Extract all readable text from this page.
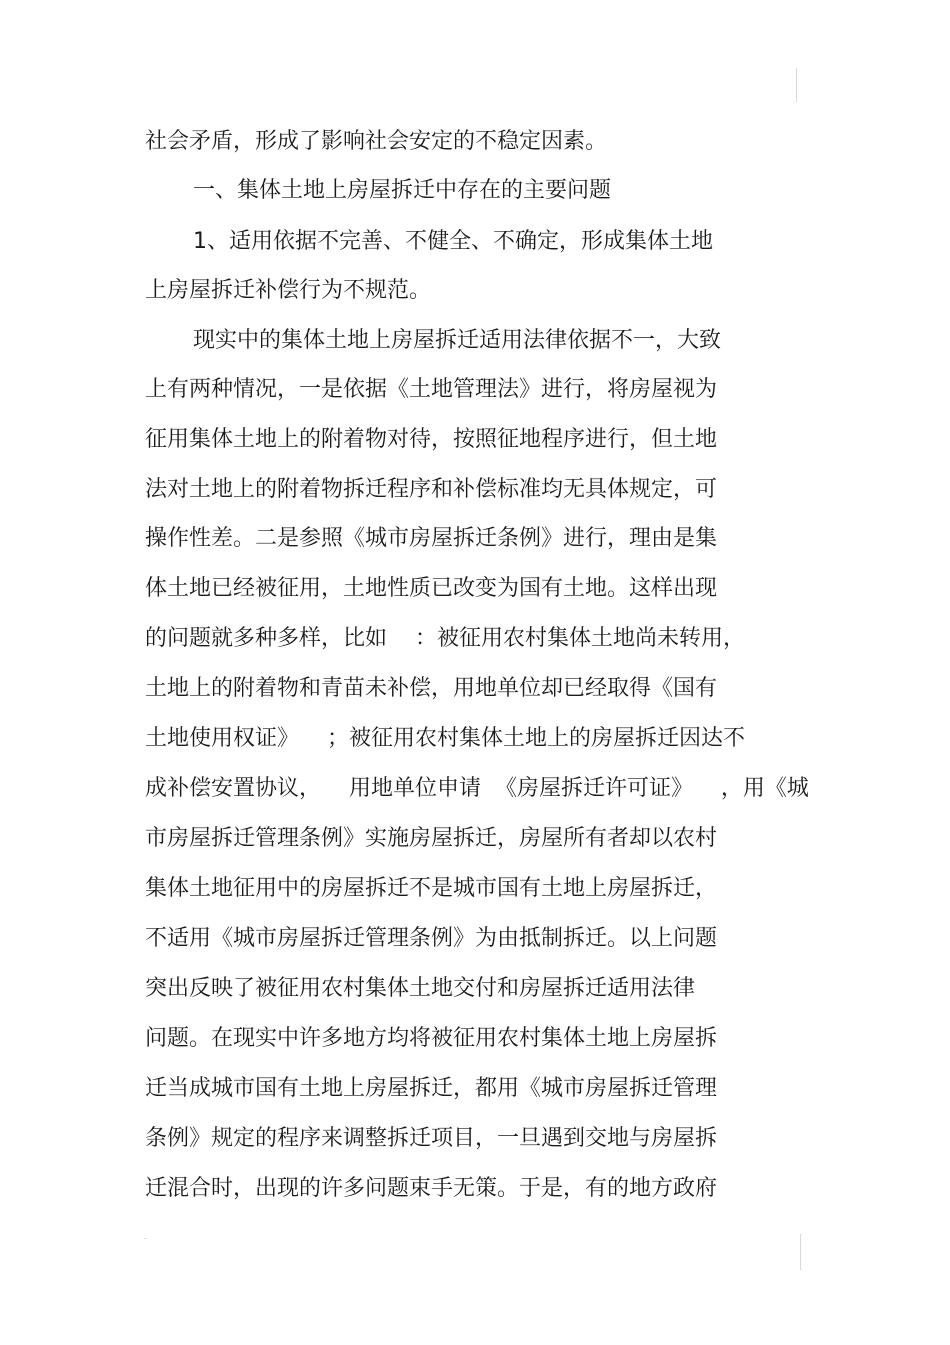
社会矛盾，形成了影响社会安定的不稳定因素。
一、集体土地上房屋拆迁中存在的主要问题
1、适用依据不完善、不健全、不确定，形成集体土地
上房屋拆迁补偿行为不规范。
现实中的集体土地上房屋拆迁适用法律依据不一，大致
上有两种情况，一是依据《土地管理法》进行，将房屋视为
征用集体土地上的附着物对待，按照征地程序进行，但土地
法对土地上的附着物拆迁程序和补偿标准均无具体规定，可
操作性差。二是参照《城市房屋拆迁条例》进行，理由是集
体土地已经被征用，土地性质已改变为国有土地。这样出现
的问题就多种多样，比如    ：被征用农村集体土地尚未转用，
土地上的附着物和青苗未补偿，用地单位却已经取得《国有
土地使用权证》    ；被征用农村集体土地上的房屋拆迁因达不
成补偿安置协议，    用地单位申请  《房屋拆迁许可证》    ，用《城
市房屋拆迁管理条例》实施房屋拆迁，房屋所有者却以农村
集体土地征用中的房屋拆迁不是城市国有土地上房屋拆迁，
不适用《城市房屋拆迁管理条例》为由抵制拆迁。以上问题
突出反映了被征用农村集体土地交付和房屋拆迁适用法律
问题。在现实中许多地方均将被征用农村集体土地上房屋拆
迁当成城市国有土地上房屋拆迁，都用《城市房屋拆迁管理
条例》规定的程序来调整拆迁项目，一旦遇到交地与房屋拆
迁混合时，出现的许多问题束手无策。于是，有的地方政府
